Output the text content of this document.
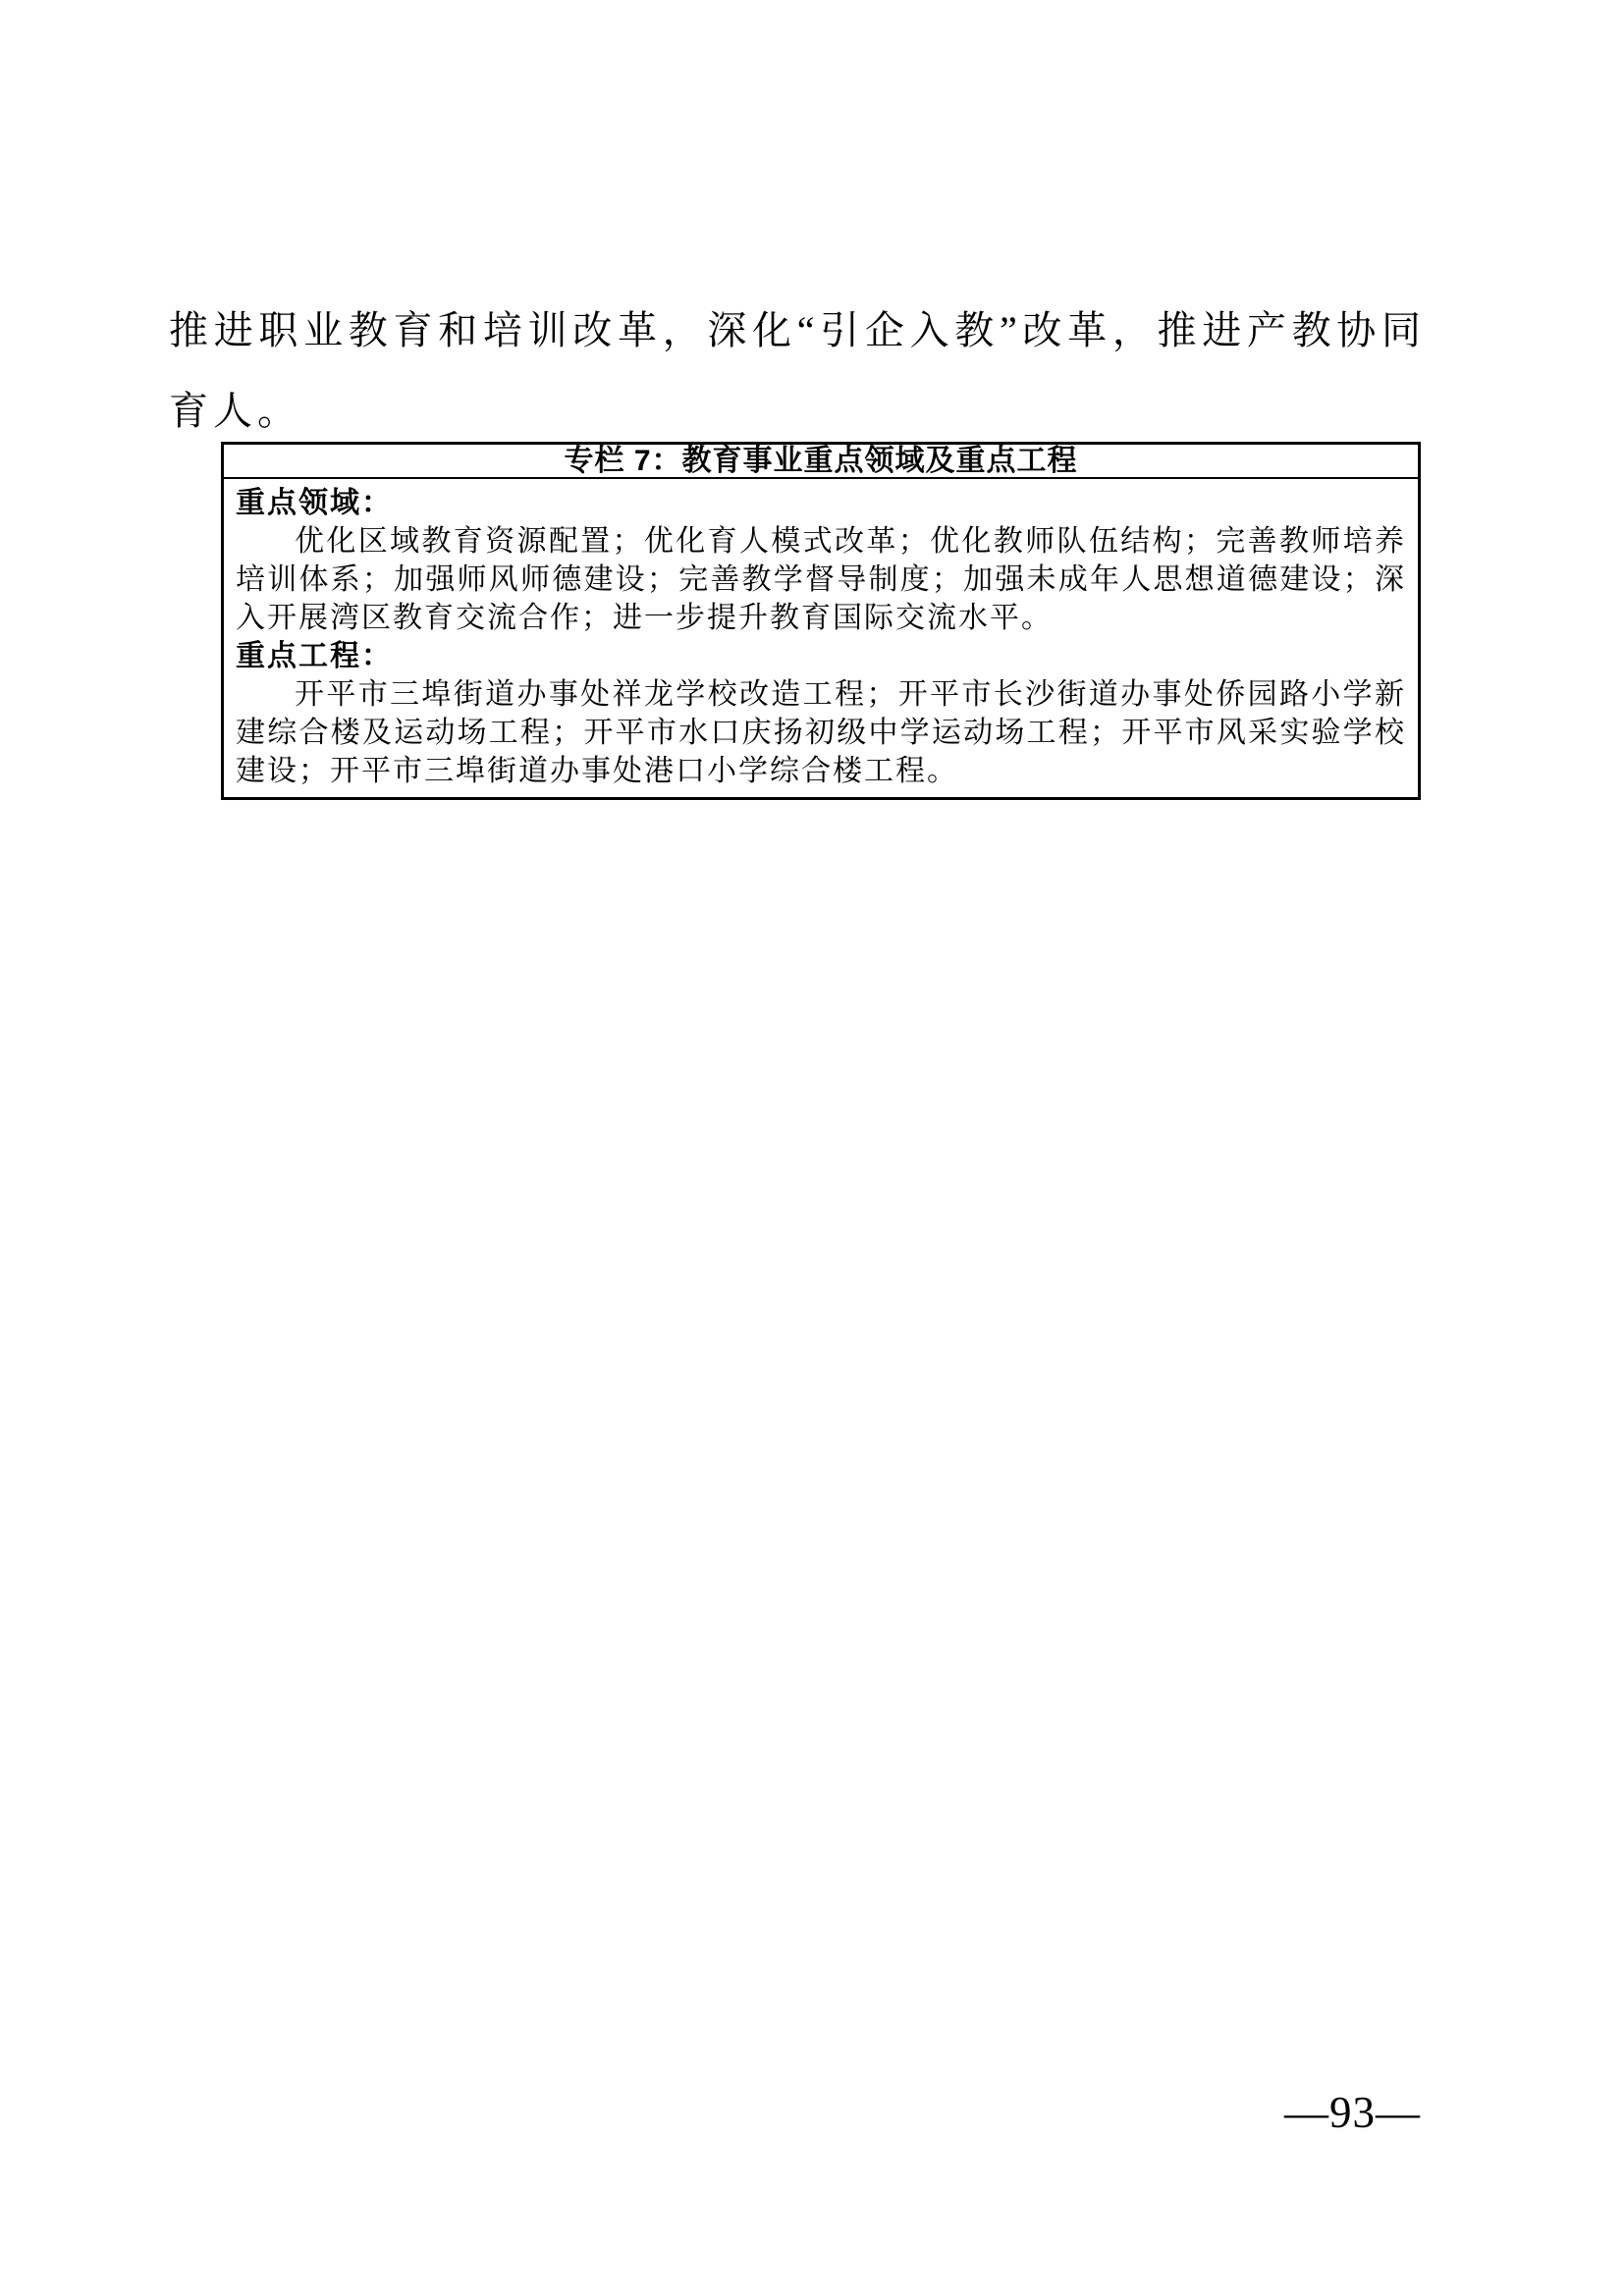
推进职业教育和培训改革，深化“引企入教”改革，推进产教协同育人。

专栏 7：教育事业重点领域及重点工程
重点领域：
优化区域教育资源配置；优化育人模式改革；优化教师队伍结构；完善教师培养培训体系；加强师风师德建设；完善教学督导制度；加强未成年人思想道德建设；深入开展湾区教育交流合作；进一步提升教育国际交流水平。
重点工程：
开平市三埠街道办事处祥龙学校改造工程；开平市长沙街道办事处侨园路小学新建综合楼及运动场工程；开平市水口庆扬初级中学运动场工程；开平市风采实验学校建设；开平市三埠街道办事处港口小学综合楼工程。
—93—
